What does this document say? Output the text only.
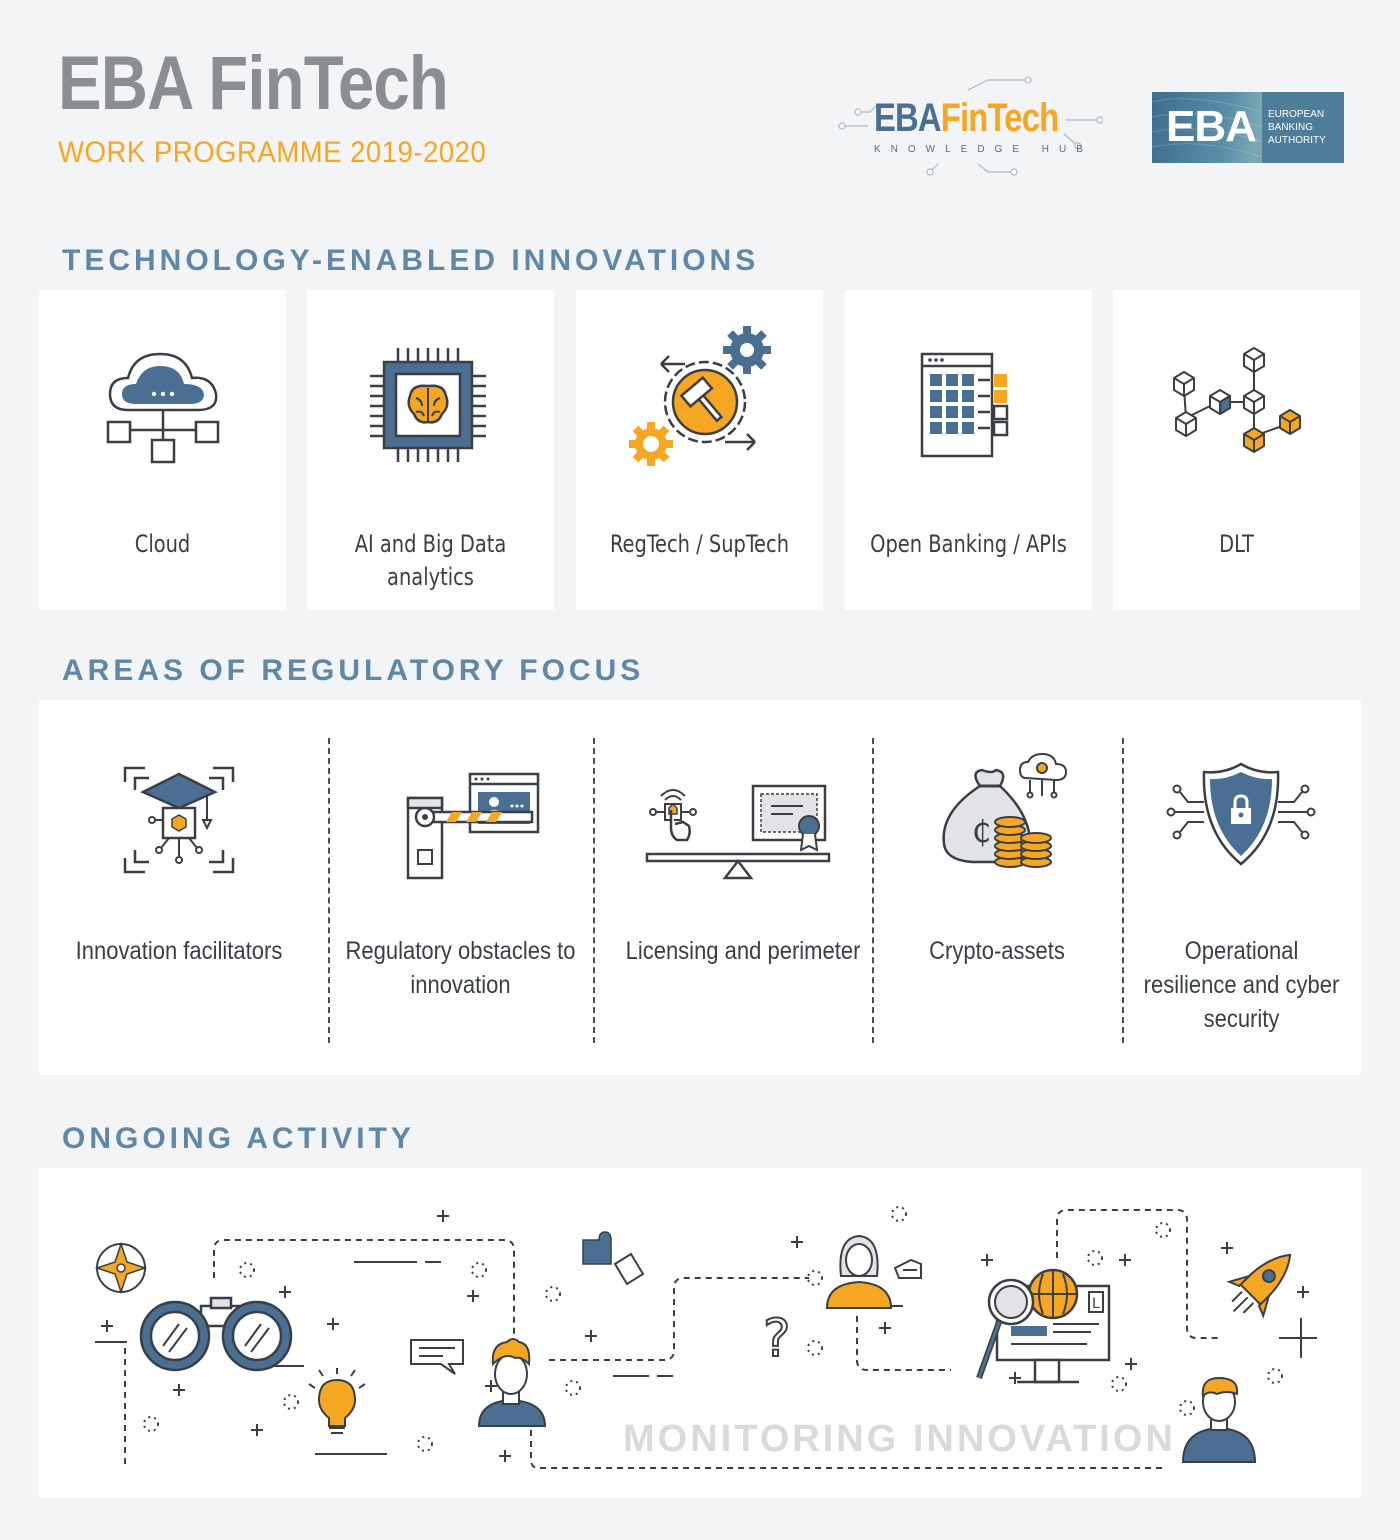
EBA FinTech
WORK PROGRAMME 2019-2020
EBAFinTech
KNOWLEDGE HUB EBA EUROPEAN
BANKING
AUTHORITY
TECHNOLOGY-ENABLED INNOVATIONS
Cloud	AI and Big Data analytics
RegTech / SupTech	Open Banking / APIs	DLT
AREAS OF REGULATORY FOCUS
Innovation facilitators	Regulatory obstacles to innovation
Licensing and perimeter
₵
Crypto-assets	Operational resilience and cyber security
ONGOING ACTIVITY
?
L
MONITORING INNOVATION
